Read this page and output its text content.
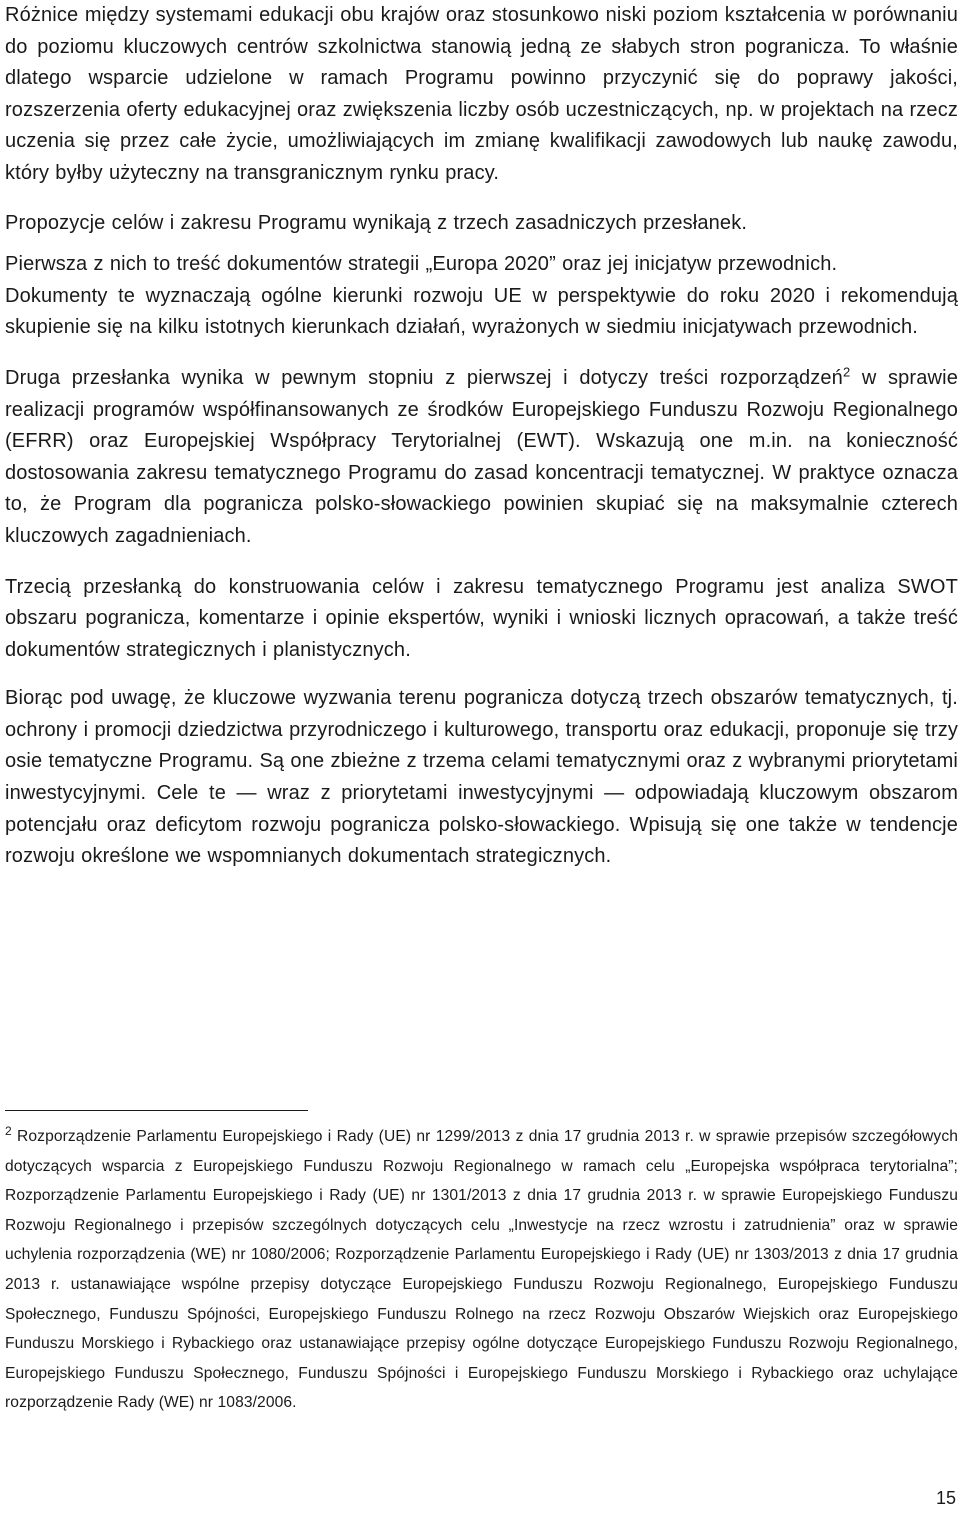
Różnice między systemami edukacji obu krajów oraz stosunkowo niski poziom kształcenia w porównaniu do poziomu kluczowych centrów szkolnictwa stanowią jedną ze słabych stron pogranicza. To właśnie dlatego wsparcie udzielone w ramach Programu powinno przyczynić się do poprawy jakości, rozszerzenia oferty edukacyjnej oraz zwiększenia liczby osób uczestniczących, np. w projektach na rzecz uczenia się przez całe życie, umożliwiających im zmianę kwalifikacji zawodowych lub naukę zawodu, który byłby użyteczny na transgranicznym rynku pracy.

Propozycje celów i zakresu Programu wynikają z trzech zasadniczych przesłanek.

Pierwsza z nich to treść dokumentów strategii „Europa 2020” oraz jej inicjatyw przewodnich.

Dokumenty te wyznaczają ogólne kierunki rozwoju UE w perspektywie do roku 2020 i rekomendują skupienie się na kilku istotnych kierunkach działań, wyrażonych w siedmiu inicjatywach przewodnich.

Druga przesłanka wynika w pewnym stopniu z pierwszej i dotyczy treści rozporządzeń$^2$ w sprawie realizacji programów współfinansowanych ze środków Europejskiego Funduszu Rozwoju Regionalnego (EFRR) oraz Europejskiej Współpracy Terytorialnej (EWT). Wskazują one m.in. na konieczność dostosowania zakresu tematycznego Programu do zasad koncentracji tematycznej. W praktyce oznacza to, że Program dla pogranicza polsko-słowackiego powinien skupiać się na maksymalnie czterech kluczowych zagadnieniach.

Trzecią przesłanką do konstruowania celów i zakresu tematycznego Programu jest analiza SWOT obszaru pogranicza, komentarze i opinie ekspertów, wyniki i wnioski licznych opracowań, a także treść dokumentów strategicznych i planistycznych.

Biorąc pod uwagę, że kluczowe wyzwania terenu pogranicza dotyczą trzech obszarów tematycznych, tj. ochrony i promocji dziedzictwa przyrodniczego i kulturowego, transportu oraz edukacji, proponuje się trzy osie tematyczne Programu. Są one zbieżne z trzema celami tematycznymi oraz z wybranymi priorytetami inwestycyjnymi. Cele te — wraz z priorytetami inwestycyjnymi — odpowiadają kluczowym obszarom potencjału oraz deficytom rozwoju pogranicza polsko-słowackiego. Wpisują się one także w tendencje rozwoju określone we wspomnianych dokumentach strategicznych.

$^2$ Rozporządzenie Parlamentu Europejskiego i Rady (UE) nr 1299/2013 z dnia 17 grudnia 2013 r. w sprawie przepisów szczegółowych dotyczących wsparcia z Europejskiego Funduszu Rozwoju Regionalnego w ramach celu „Europejska współpraca terytorialna”; Rozporządzenie Parlamentu Europejskiego i Rady (UE) nr 1301/2013 z dnia 17 grudnia 2013 r. w sprawie Europejskiego Funduszu Rozwoju Regionalnego i przepisów szczególnych dotyczących celu „Inwestycje na rzecz wzrostu i zatrudnienia” oraz w sprawie uchylenia rozporządzenia (WE) nr 1080/2006; Rozporządzenie Parlamentu Europejskiego i Rady (UE) nr 1303/2013 z dnia 17 grudnia 2013 r. ustanawiające wspólne przepisy dotyczące Europejskiego Funduszu Rozwoju Regionalnego, Europejskiego Funduszu Społecznego, Funduszu Spójności, Europejskiego Funduszu Rolnego na rzecz Rozwoju Obszarów Wiejskich oraz Europejskiego Funduszu Morskiego i Rybackiego oraz ustanawiające przepisy ogólne dotyczące Europejskiego Funduszu Rozwoju Regionalnego, Europejskiego Funduszu Społecznego, Funduszu Spójności i Europejskiego Funduszu Morskiego i Rybackiego oraz uchylające rozporządzenie Rady (WE) nr 1083/2006.

15
